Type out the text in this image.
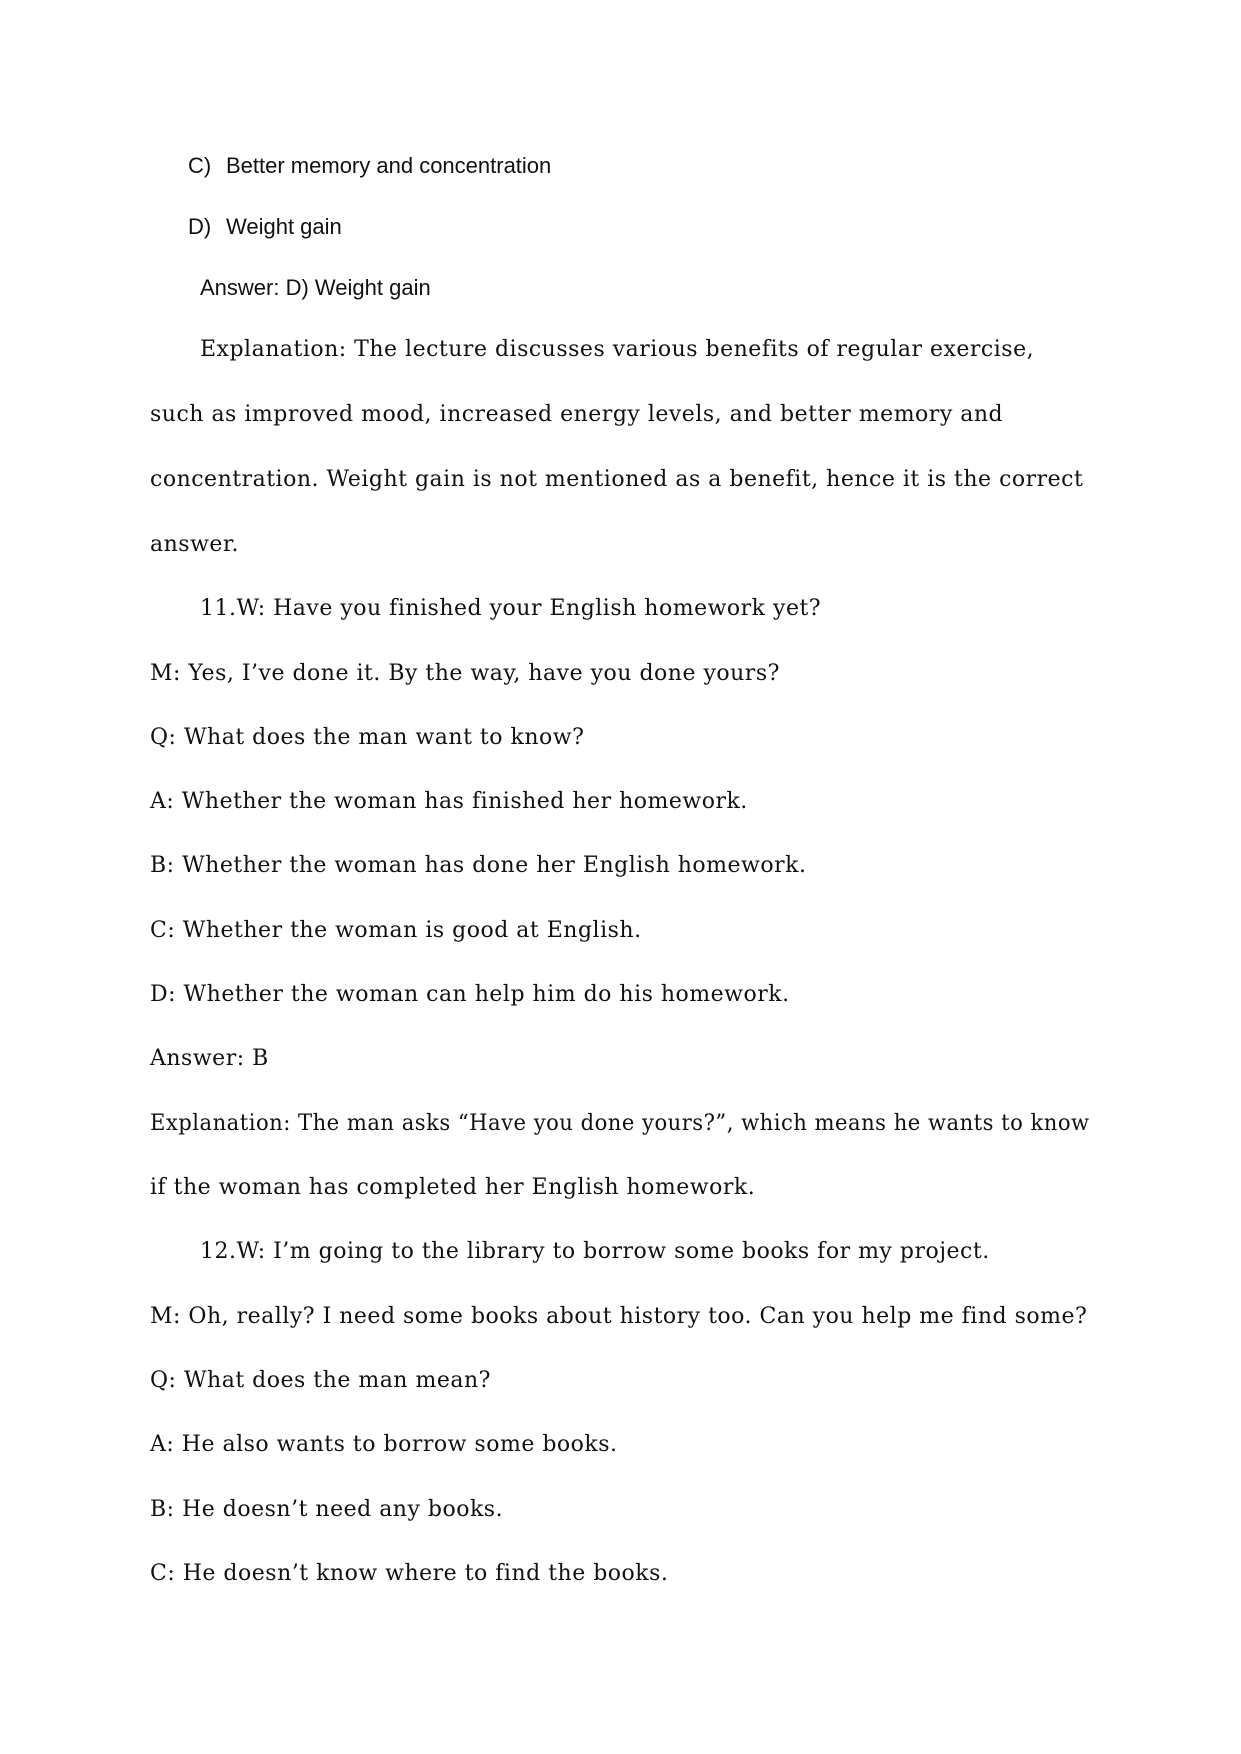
C) Better memory and concentration
D) Weight gain
Answer: D) Weight gain
Explanation: The lecture discusses various benefits of regular exercise,
such as improved mood, increased energy levels, and better memory and
concentration. Weight gain is not mentioned as a benefit, hence it is the correct
answer.
11.W: Have you finished your English homework yet?
M: Yes, I’ve done it. By the way, have you done yours?
Q: What does the man want to know?
A: Whether the woman has finished her homework.
B: Whether the woman has done her English homework.
C: Whether the woman is good at English.
D: Whether the woman can help him do his homework.
Answer: B
Explanation: The man asks “Have you done yours?”, which means he wants to know
if the woman has completed her English homework.
12.W: I’m going to the library to borrow some books for my project.
M: Oh, really? I need some books about history too. Can you help me find some?
Q: What does the man mean?
A: He also wants to borrow some books.
B: He doesn’t need any books.
C: He doesn’t know where to find the books.
